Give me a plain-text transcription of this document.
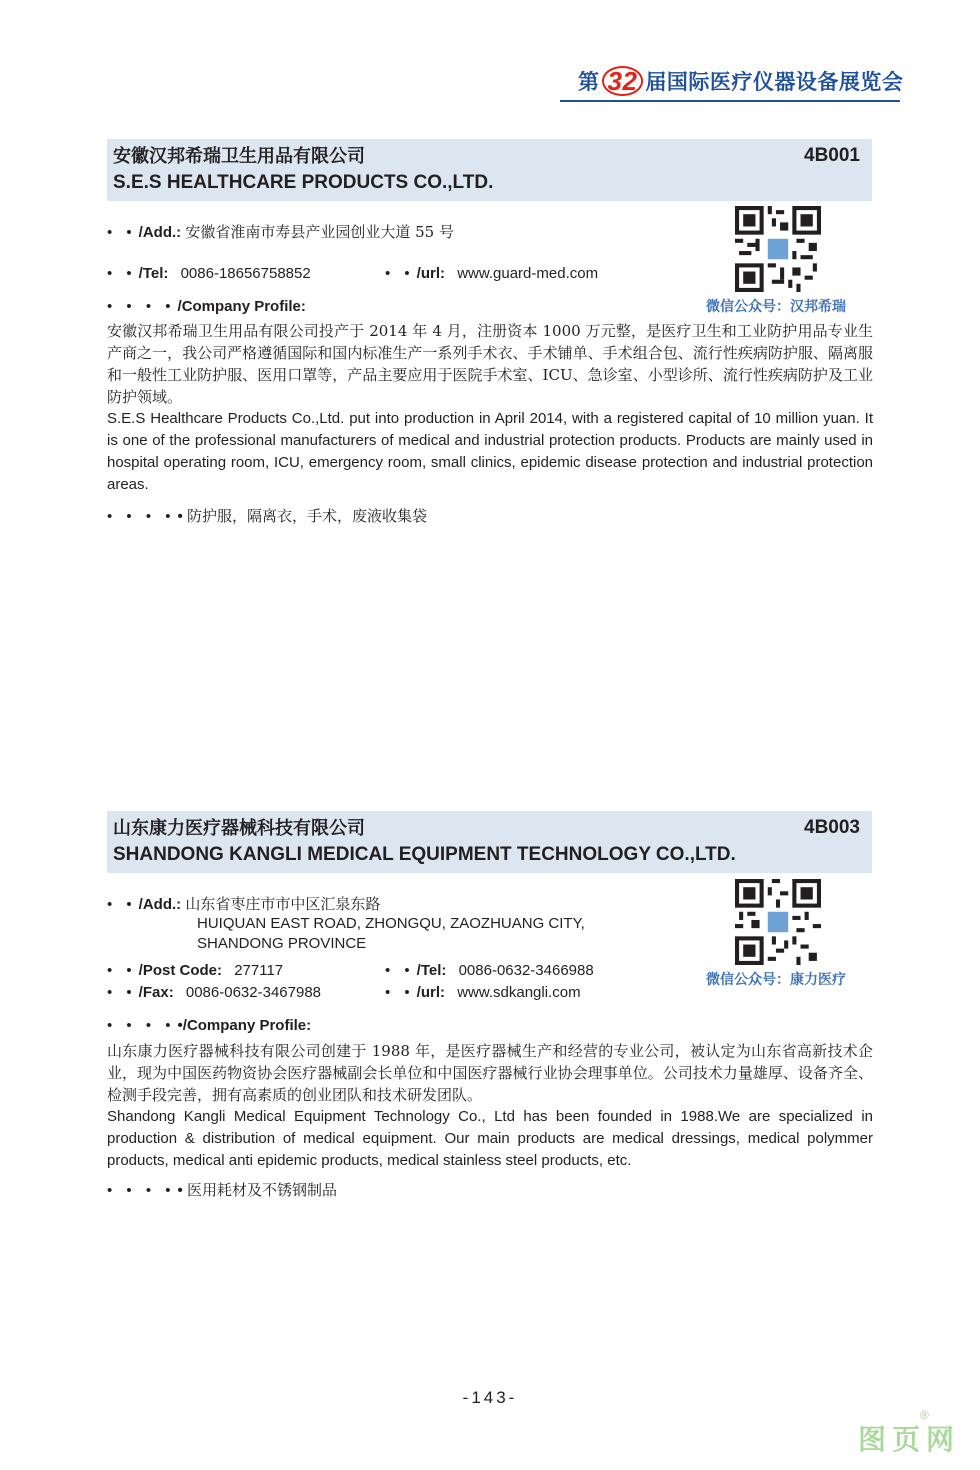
第 32 届国际医疗仪器设备展览会
安徽汉邦希瑞卫生用品有限公司
S.E.S HEALTHCARE PRODUCTS CO.,LTD.
4B001
• • /Add.: 安徽省淮南市寿县产业园创业大道 55 号
• • /Tel: 0086-18656758852	• • /url: www.guard-med.com
• • • • /Company Profile:

安徽汉邦希瑞卫生用品有限公司投产于 2014 年 4 月，注册资本 1000 万元整，是医疗卫生和工业防护用品专业生产商之一，我公司严格遵循国际和国内标准生产一系列手术衣、手术铺单、手术组合包、流行性疾病防护服、隔离服和一般性工业防护服、医用口罩等，产品主要应用于医院手术室、ICU、急诊室、小型诊所、流行性疾病防护及工业防护领域。

S.E.S Healthcare Products Co.,Ltd. put into production in April 2014, with a registered capital of 10 million yuan. It is one of the professional manufacturers of medical and industrial protection products. Products are mainly used in hospital operating room, ICU, emergency room, small clinics, epidemic disease protection and industrial protection areas.

• • • • • 防护服，隔离衣，手术，废液收集袋
微信公众号：汉邦希瑞
山东康力医疗器械科技有限公司
SHANDONG KANGLI MEDICAL EQUIPMENT TECHNOLOGY CO.,LTD.
4B003
• • /Add.: 山东省枣庄市市中区汇泉东路
HUIQUAN EAST ROAD, ZHONGQU, ZAOZHUANG CITY,
SHANDONG PROVINCE
• • /Post Code: 277117	• • /Tel: 0086-0632-3466988
• • /Fax: 0086-0632-3467988	• • /url: www.sdkangli.com
• • • • •/Company Profile:

山东康力医疗器械科技有限公司创建于 1988 年，是医疗器械生产和经营的专业公司，被认定为山东省高新技术企业，现为中国医药物资协会医疗器械副会长单位和中国医疗器械行业协会理事单位。公司技术力量雄厚、设备齐全、检测手段完善，拥有高素质的创业团队和技术研发团队。

Shandong Kangli Medical Equipment Technology Co., Ltd has been founded in 1988.We are specialized in production & distribution of medical equipment. Our main products are medical dressings, medical polymmer products, medical anti epidemic products, medical stainless steel products, etc.

• • • • • 医用耗材及不锈钢制品
微信公众号：康力医疗
-143-
图页网
®
